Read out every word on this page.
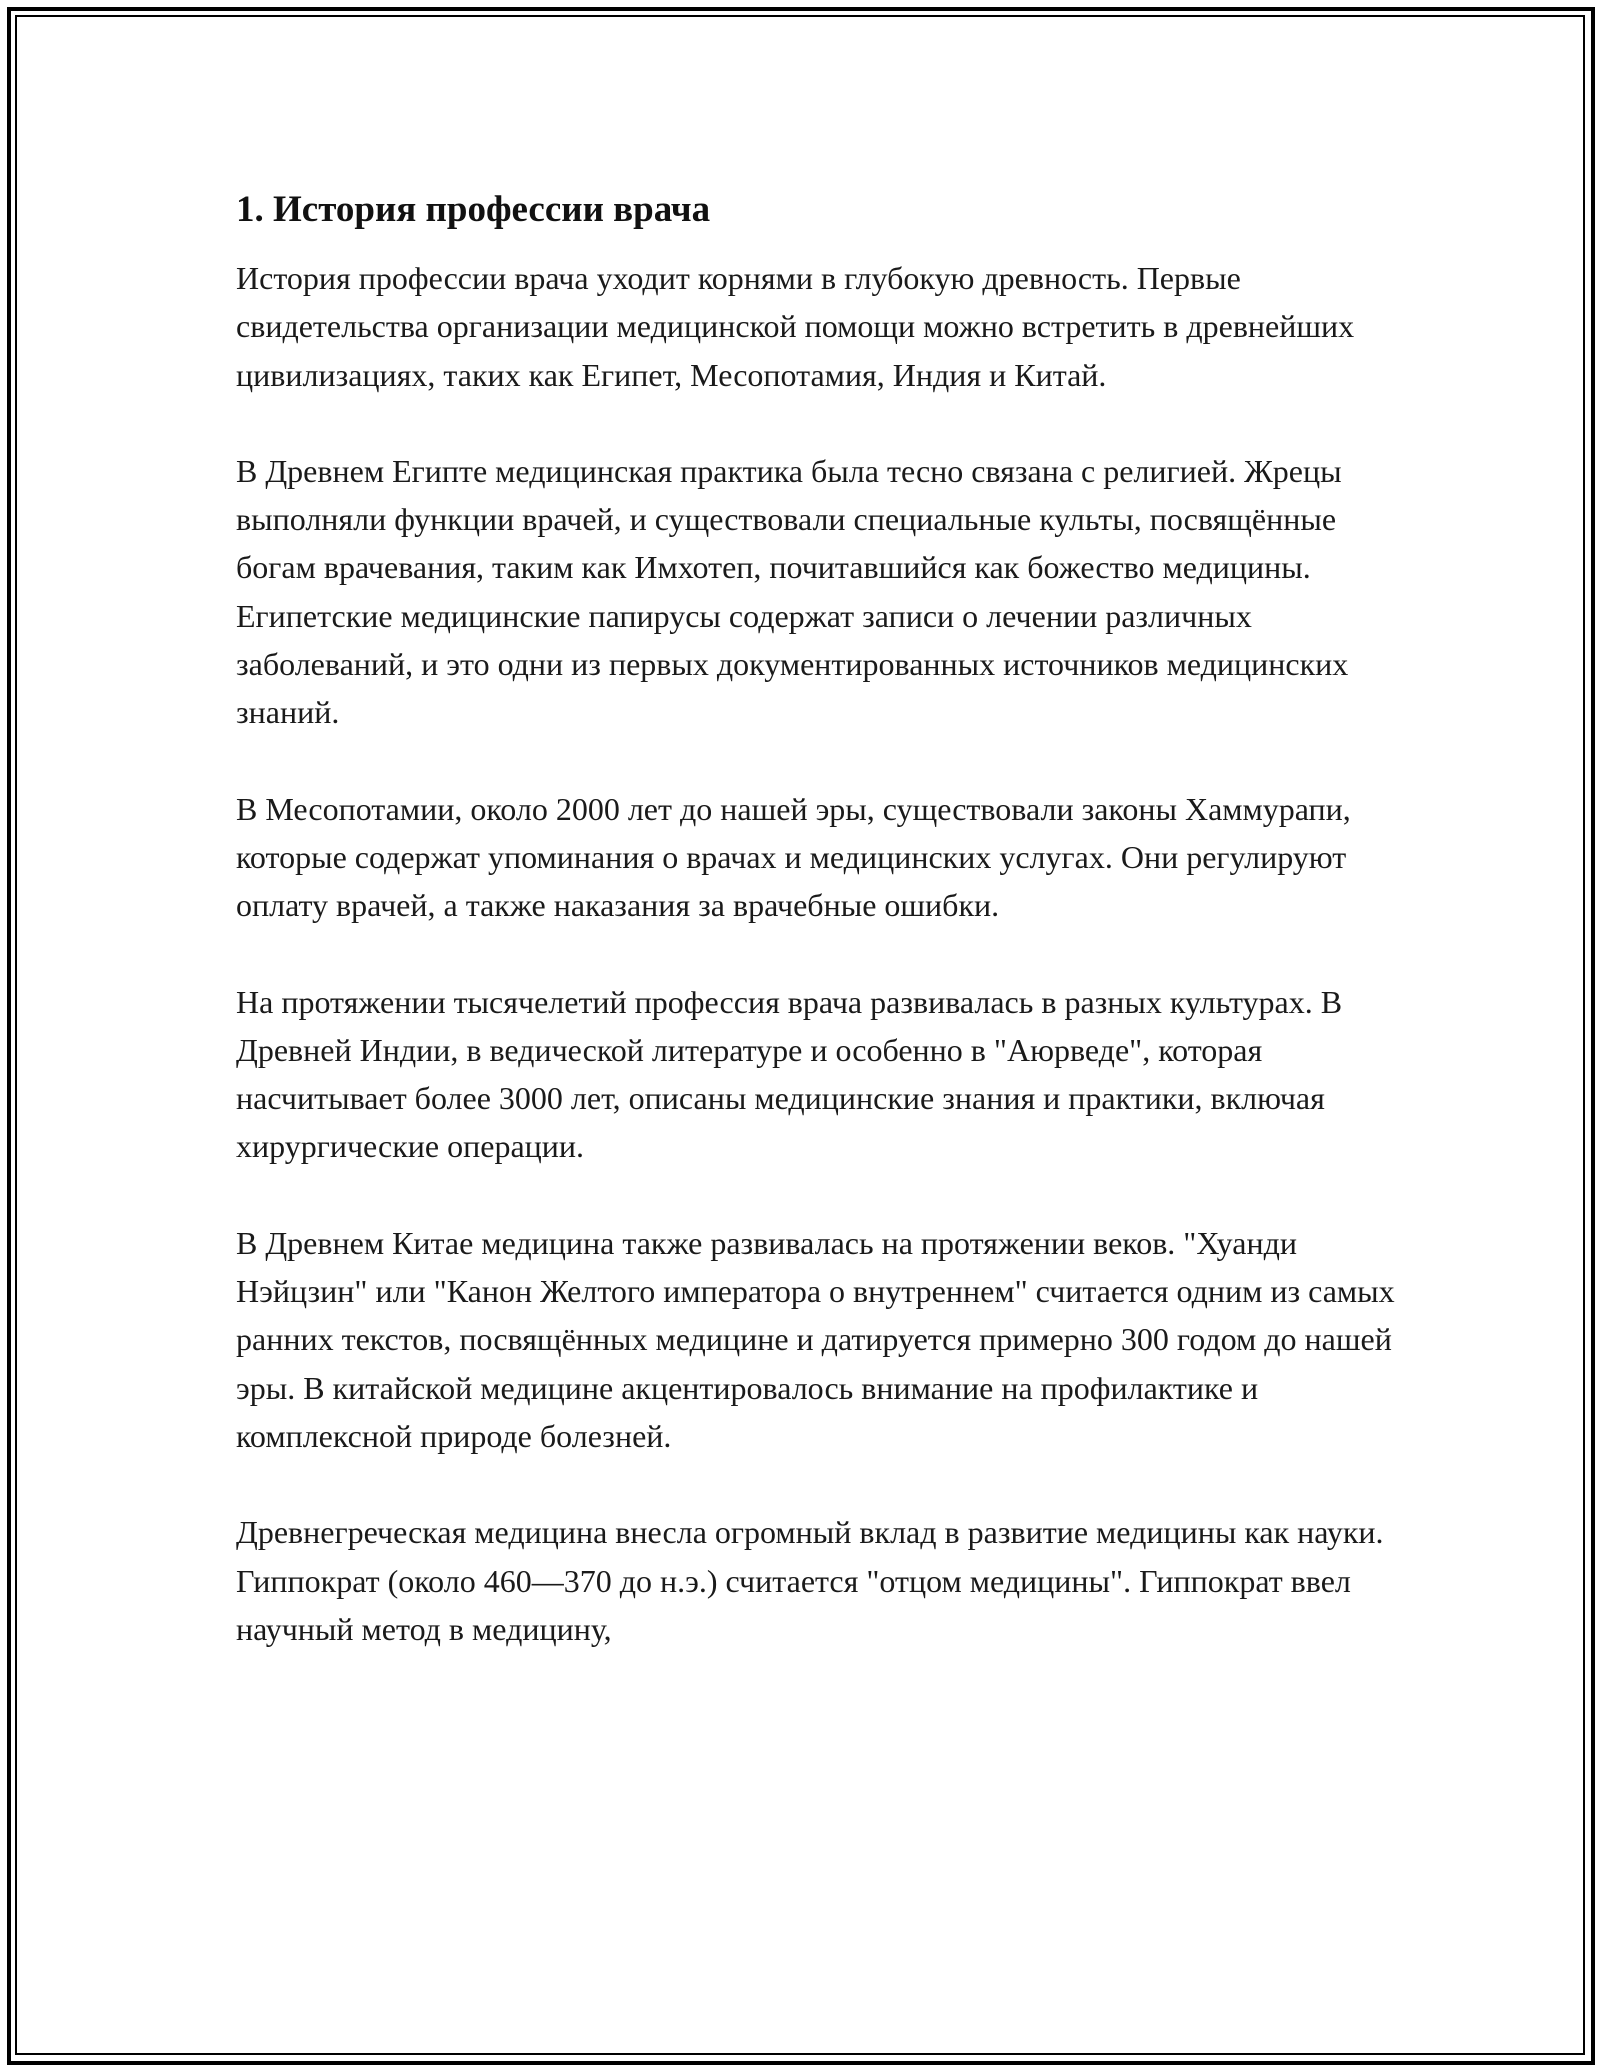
1. История профессии врача

История профессии врача уходит корнями в глубокую древность. Первые свидетельства организации медицинской помощи можно встретить в древнейших цивилизациях, таких как Египет, Месопотамия, Индия и Китай.

В Древнем Египте медицинская практика была тесно связана с религией. Жрецы выполняли функции врачей, и существовали специальные культы, посвящённые богам врачевания, таким как Имхотеп, почитавшийся как божество медицины. Египетские медицинские папирусы содержат записи о лечении различных заболеваний, и это одни из первых документированных источников медицинских знаний.

В Месопотамии, около 2000 лет до нашей эры, существовали законы Хаммурапи, которые содержат упоминания о врачах и медицинских услугах. Они регулируют оплату врачей, а также наказания за врачебные ошибки.

На протяжении тысячелетий профессия врача развивалась в разных культурах. В Древней Индии, в ведической литературе и особенно в "Аюрведе", которая насчитывает более 3000 лет, описаны медицинские знания и практики, включая хирургические операции.

В Древнем Китае медицина также развивалась на протяжении веков. "Хуанди Нэйцзин" или "Канон Желтого императора о внутреннем" считается одним из самых ранних текстов, посвящённых медицине и датируется примерно 300 годом до нашей эры. В китайской медицине акцентировалось внимание на профилактике и комплексной природе болезней.

Древнегреческая медицина внесла огромный вклад в развитие медицины как науки. Гиппократ (около 460—370 до н.э.) считается "отцом медицины". Гиппократ ввел научный метод в медицину,
